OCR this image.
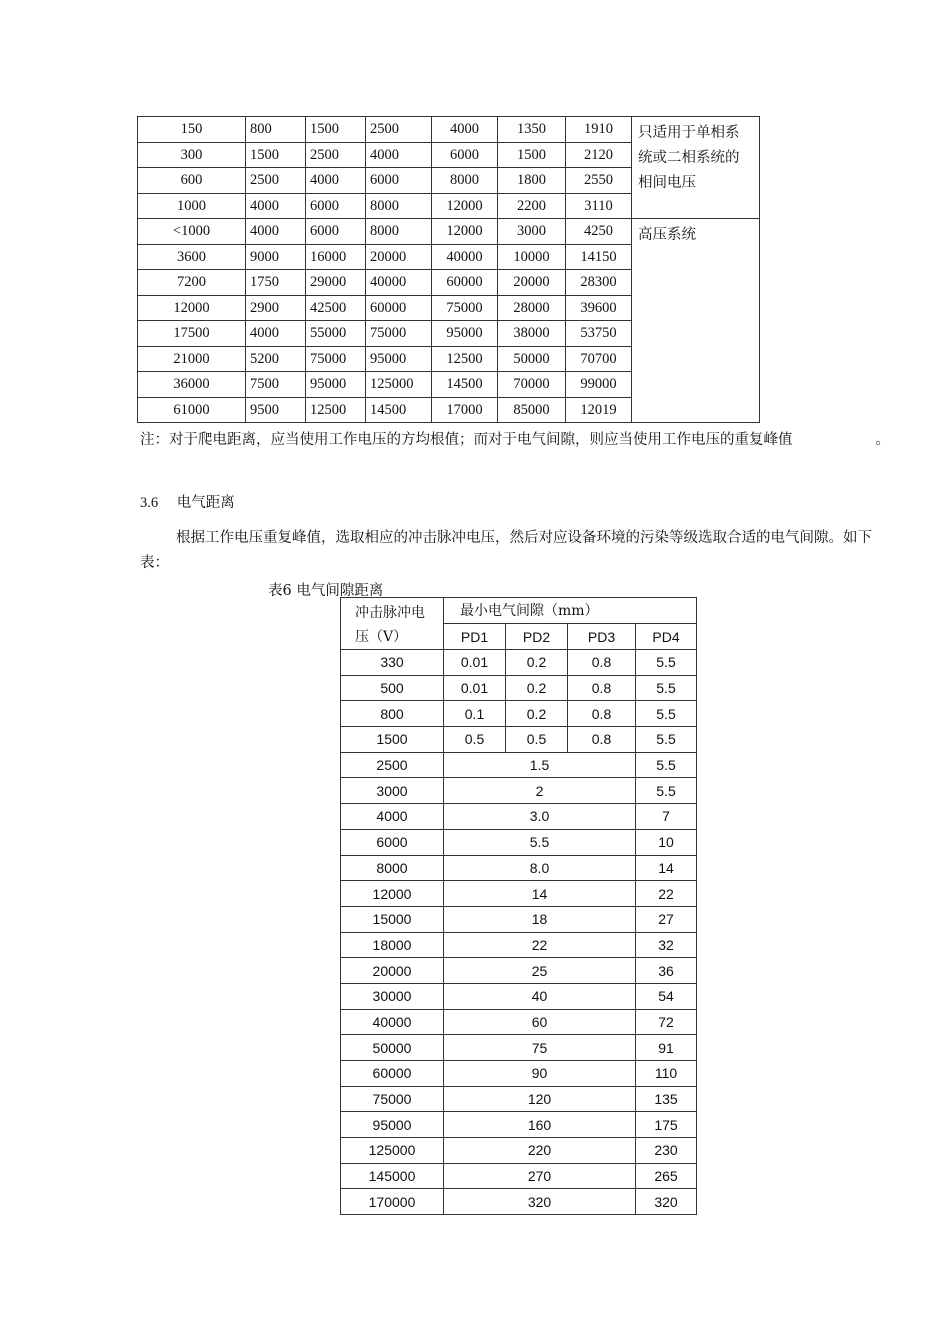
150	800	1500	2500	4000	1350	1910	只适用于单相系统或二相系统的相间电压
300	1500	2500	4000	6000	1500	2120	
600	2500	4000	6000	8000	1800	2550	
1000	4000	6000	8000	12000	2200	3110	
<1000	4000	6000	8000	12000	3000	4250	高压系统
3600	9000	16000	20000	40000	10000	14150	
7200	1750	29000	40000	60000	20000	28300	
12000	2900	42500	60000	75000	28000	39600	
17500	4000	55000	75000	95000	38000	53750	
21000	5200	75000	95000	12500	50000	70700	
36000	7500	95000	125000	14500	70000	99000	
61000	9500	12500	14500	17000	85000	12019	
注：对于爬电距离，应当使用工作电压的方均根值；而对于电气间隙，则应当使用工作电压的重复峰值	。
3.6 电气距离
根据工作电压重复峰值，选取相应的冲击脉冲电压，然后对应设备环境的污染等级选取合适的电气间隙。如下表：
表6 电气间隙距离
冲击脉冲电压（V）	最小电气间隙（mm）			
	PD1	PD2	PD3	PD4
330	0.01	0.2	0.8	5.5
500	0.01	0.2	0.8	5.5
800	0.1	0.2	0.8	5.5
1500	0.5	0.5	0.8	5.5
2500	1.5			5.5
3000	2			5.5
4000	3.0			7
6000	5.5			10
8000	8.0			14
12000	14			22
15000	18			27
18000	22			32
20000	25			36
30000	40			54
40000	60			72
50000	75			91
60000	90			110
75000	120			135
95000	160			175
125000	220			230
145000	270			265
170000	320			320
